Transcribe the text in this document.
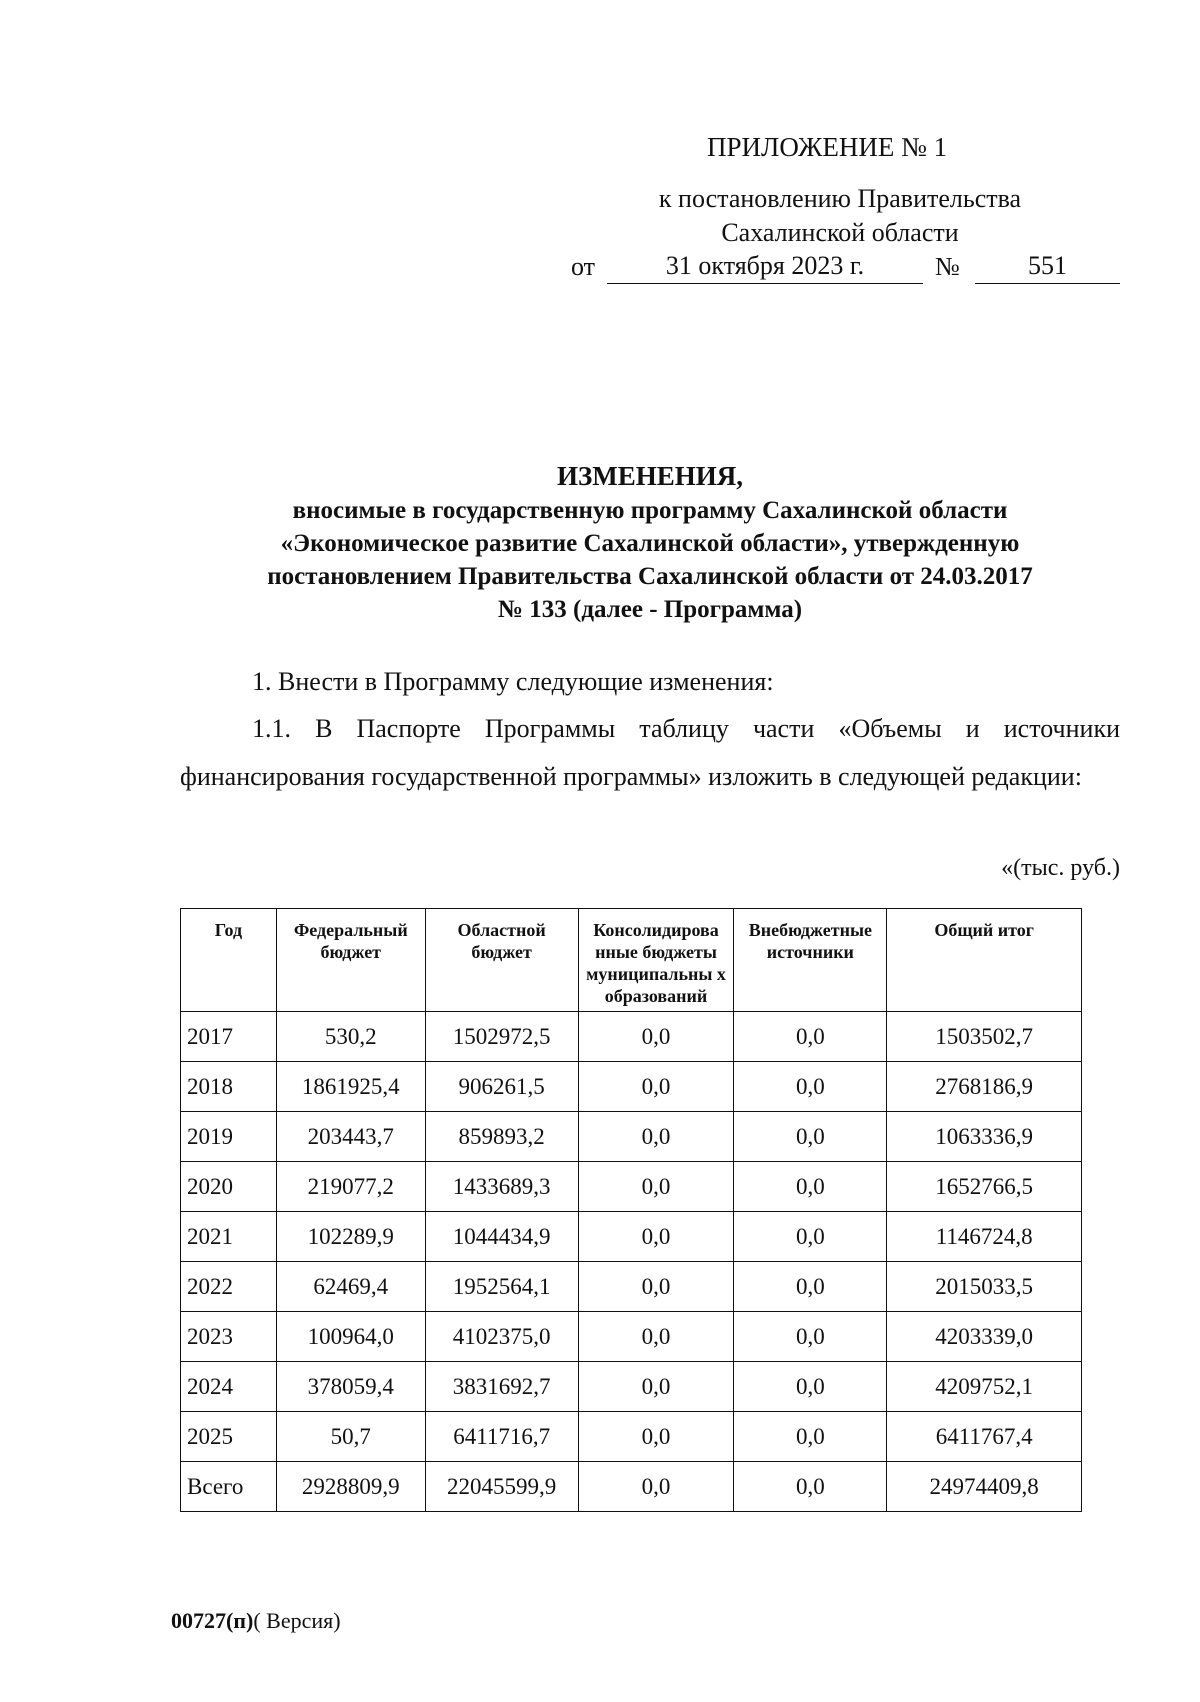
ПРИЛОЖЕНИЕ № 1
к постановлению Правительства
Сахалинской области
от	31 октября 2023 г.	№	551
ИЗМЕНЕНИЯ,
вносимые в государственную программу Сахалинской области
«Экономическое развитие Сахалинской области», утвержденную
постановлением Правительства Сахалинской области от 24.03.2017
№ 133 (далее - Программа)
1. Внести в Программу следующие изменения:
1.1. В Паспорте Программы таблицу части «Объемы и источники финансирования государственной программы» изложить в следующей редакции:
«(тыс. руб.)
Год	Федеральный бюджет	Областной бюджет	Консолидирова нные бюджеты муниципальны х образований	Внебюджетные источники	Общий итог
2017	530,2	1502972,5	0,0	0,0	1503502,7
2018	1861925,4	906261,5	0,0	0,0	2768186,9
2019	203443,7	859893,2	0,0	0,0	1063336,9
2020	219077,2	1433689,3	0,0	0,0	1652766,5
2021	102289,9	1044434,9	0,0	0,0	1146724,8
2022	62469,4	1952564,1	0,0	0,0	2015033,5
2023	100964,0	4102375,0	0,0	0,0	4203339,0
2024	378059,4	3831692,7	0,0	0,0	4209752,1
2025	50,7	6411716,7	0,0	0,0	6411767,4
Всего	2928809,9	22045599,9	0,0	0,0	24974409,8
00727(п)( Версия)
